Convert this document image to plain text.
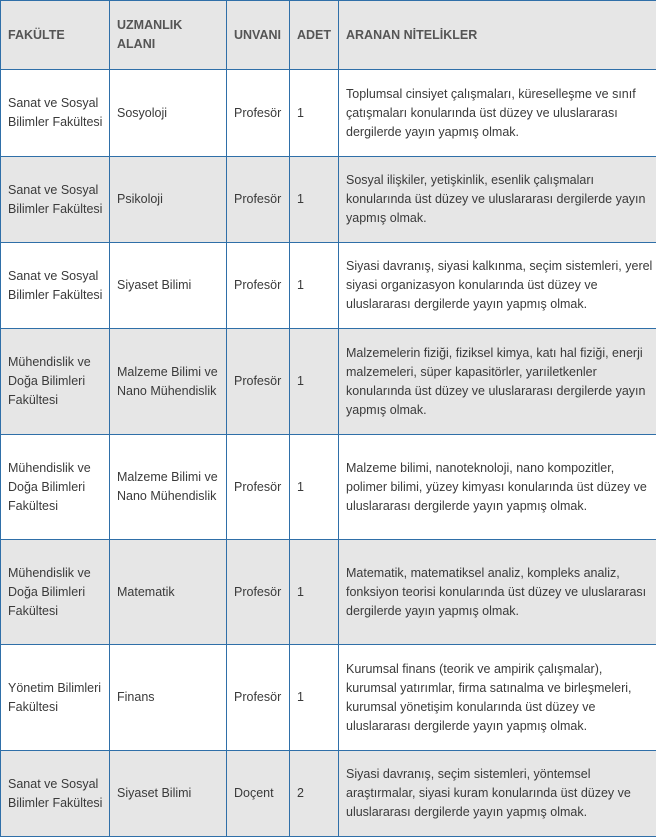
FAKÜLTE	UZMANLIK ALANI	UNVANI	ADET	ARANAN NİTELİKLER
Sanat ve Sosyal Bilimler Fakültesi	Sosyoloji	Profesör	1	Toplumsal cinsiyet çalışmaları, küreselleşme ve sınıf çatışmaları konularında üst düzey ve uluslararası dergilerde yayın yapmış olmak.
Sanat ve Sosyal Bilimler Fakültesi	Psikoloji	Profesör	1	Sosyal ilişkiler, yetişkinlik, esenlik çalışmaları konularında üst düzey ve uluslararası dergilerde yayın yapmış olmak.
Sanat ve Sosyal Bilimler Fakültesi	Siyaset Bilimi	Profesör	1	Siyasi davranış, siyasi kalkınma, seçim sistemleri, yerel siyasi organizasyon konularında üst düzey ve uluslararası dergilerde yayın yapmış olmak.
Mühendislik ve Doğa Bilimleri Fakültesi	Malzeme Bilimi ve Nano Mühendislik	Profesör	1	Malzemelerin fiziği, fiziksel kimya, katı hal fiziği, enerji malzemeleri, süper kapasitörler, yarıiletkenler konularında üst düzey ve uluslararası dergilerde yayın yapmış olmak.
Mühendislik ve Doğa Bilimleri Fakültesi	Malzeme Bilimi ve Nano Mühendislik	Profesör	1	Malzeme bilimi, nanoteknoloji, nano kompozitler, polimer bilimi, yüzey kimyası konularında üst düzey ve uluslararası dergilerde yayın yapmış olmak.
Mühendislik ve Doğa Bilimleri Fakültesi	Matematik	Profesör	1	Matematik, matematiksel analiz, kompleks analiz, fonksiyon teorisi konularında üst düzey ve uluslararası dergilerde yayın yapmış olmak.
Yönetim Bilimleri Fakültesi	Finans	Profesör	1	Kurumsal finans (teorik ve ampirik çalışmalar), kurumsal yatırımlar, firma satınalma ve birleşmeleri, kurumsal yönetişim konularında üst düzey ve uluslararası dergilerde yayın yapmış olmak.
Sanat ve Sosyal Bilimler Fakültesi	Siyaset Bilimi	Doçent	2	Siyasi davranış, seçim sistemleri, yöntemsel araştırmalar, siyasi kuram konularında üst düzey ve uluslararası dergilerde yayın yapmış olmak.
